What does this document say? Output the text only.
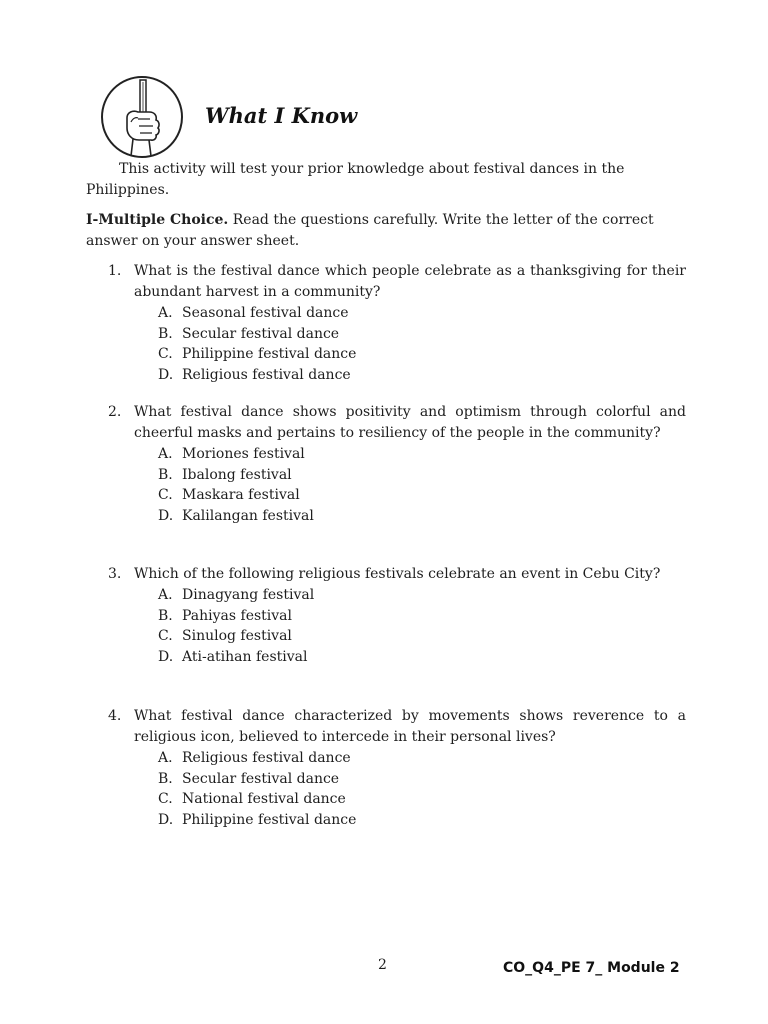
What I Know

This activity will test your prior knowledge about festival dances in the Philippines.

I-Multiple Choice. Read the questions carefully. Write the letter of the correct answer on your answer sheet.

1. What is the festival dance which people celebrate as a thanksgiving for their abundant harvest in a community?
A. Seasonal festival dance
B. Secular festival dance
C. Philippine festival dance
D. Religious festival dance
2. What festival dance shows positivity and optimism through colorful and cheerful masks and pertains to resiliency of the people in the community?
A. Moriones festival
B. Ibalong festival
C. Maskara festival
D. Kalilangan festival
3. Which of the following religious festivals celebrate an event in Cebu City?
A. Dinagyang festival
B. Pahiyas festival
C. Sinulog festival
D. Ati-atihan festival
4. What festival dance characterized by movements shows reverence to a religious icon, believed to intercede in their personal lives?
A. Religious festival dance
B. Secular festival dance
C. National festival dance
D. Philippine festival dance
2	CO_Q4_PE 7_ Module 2
